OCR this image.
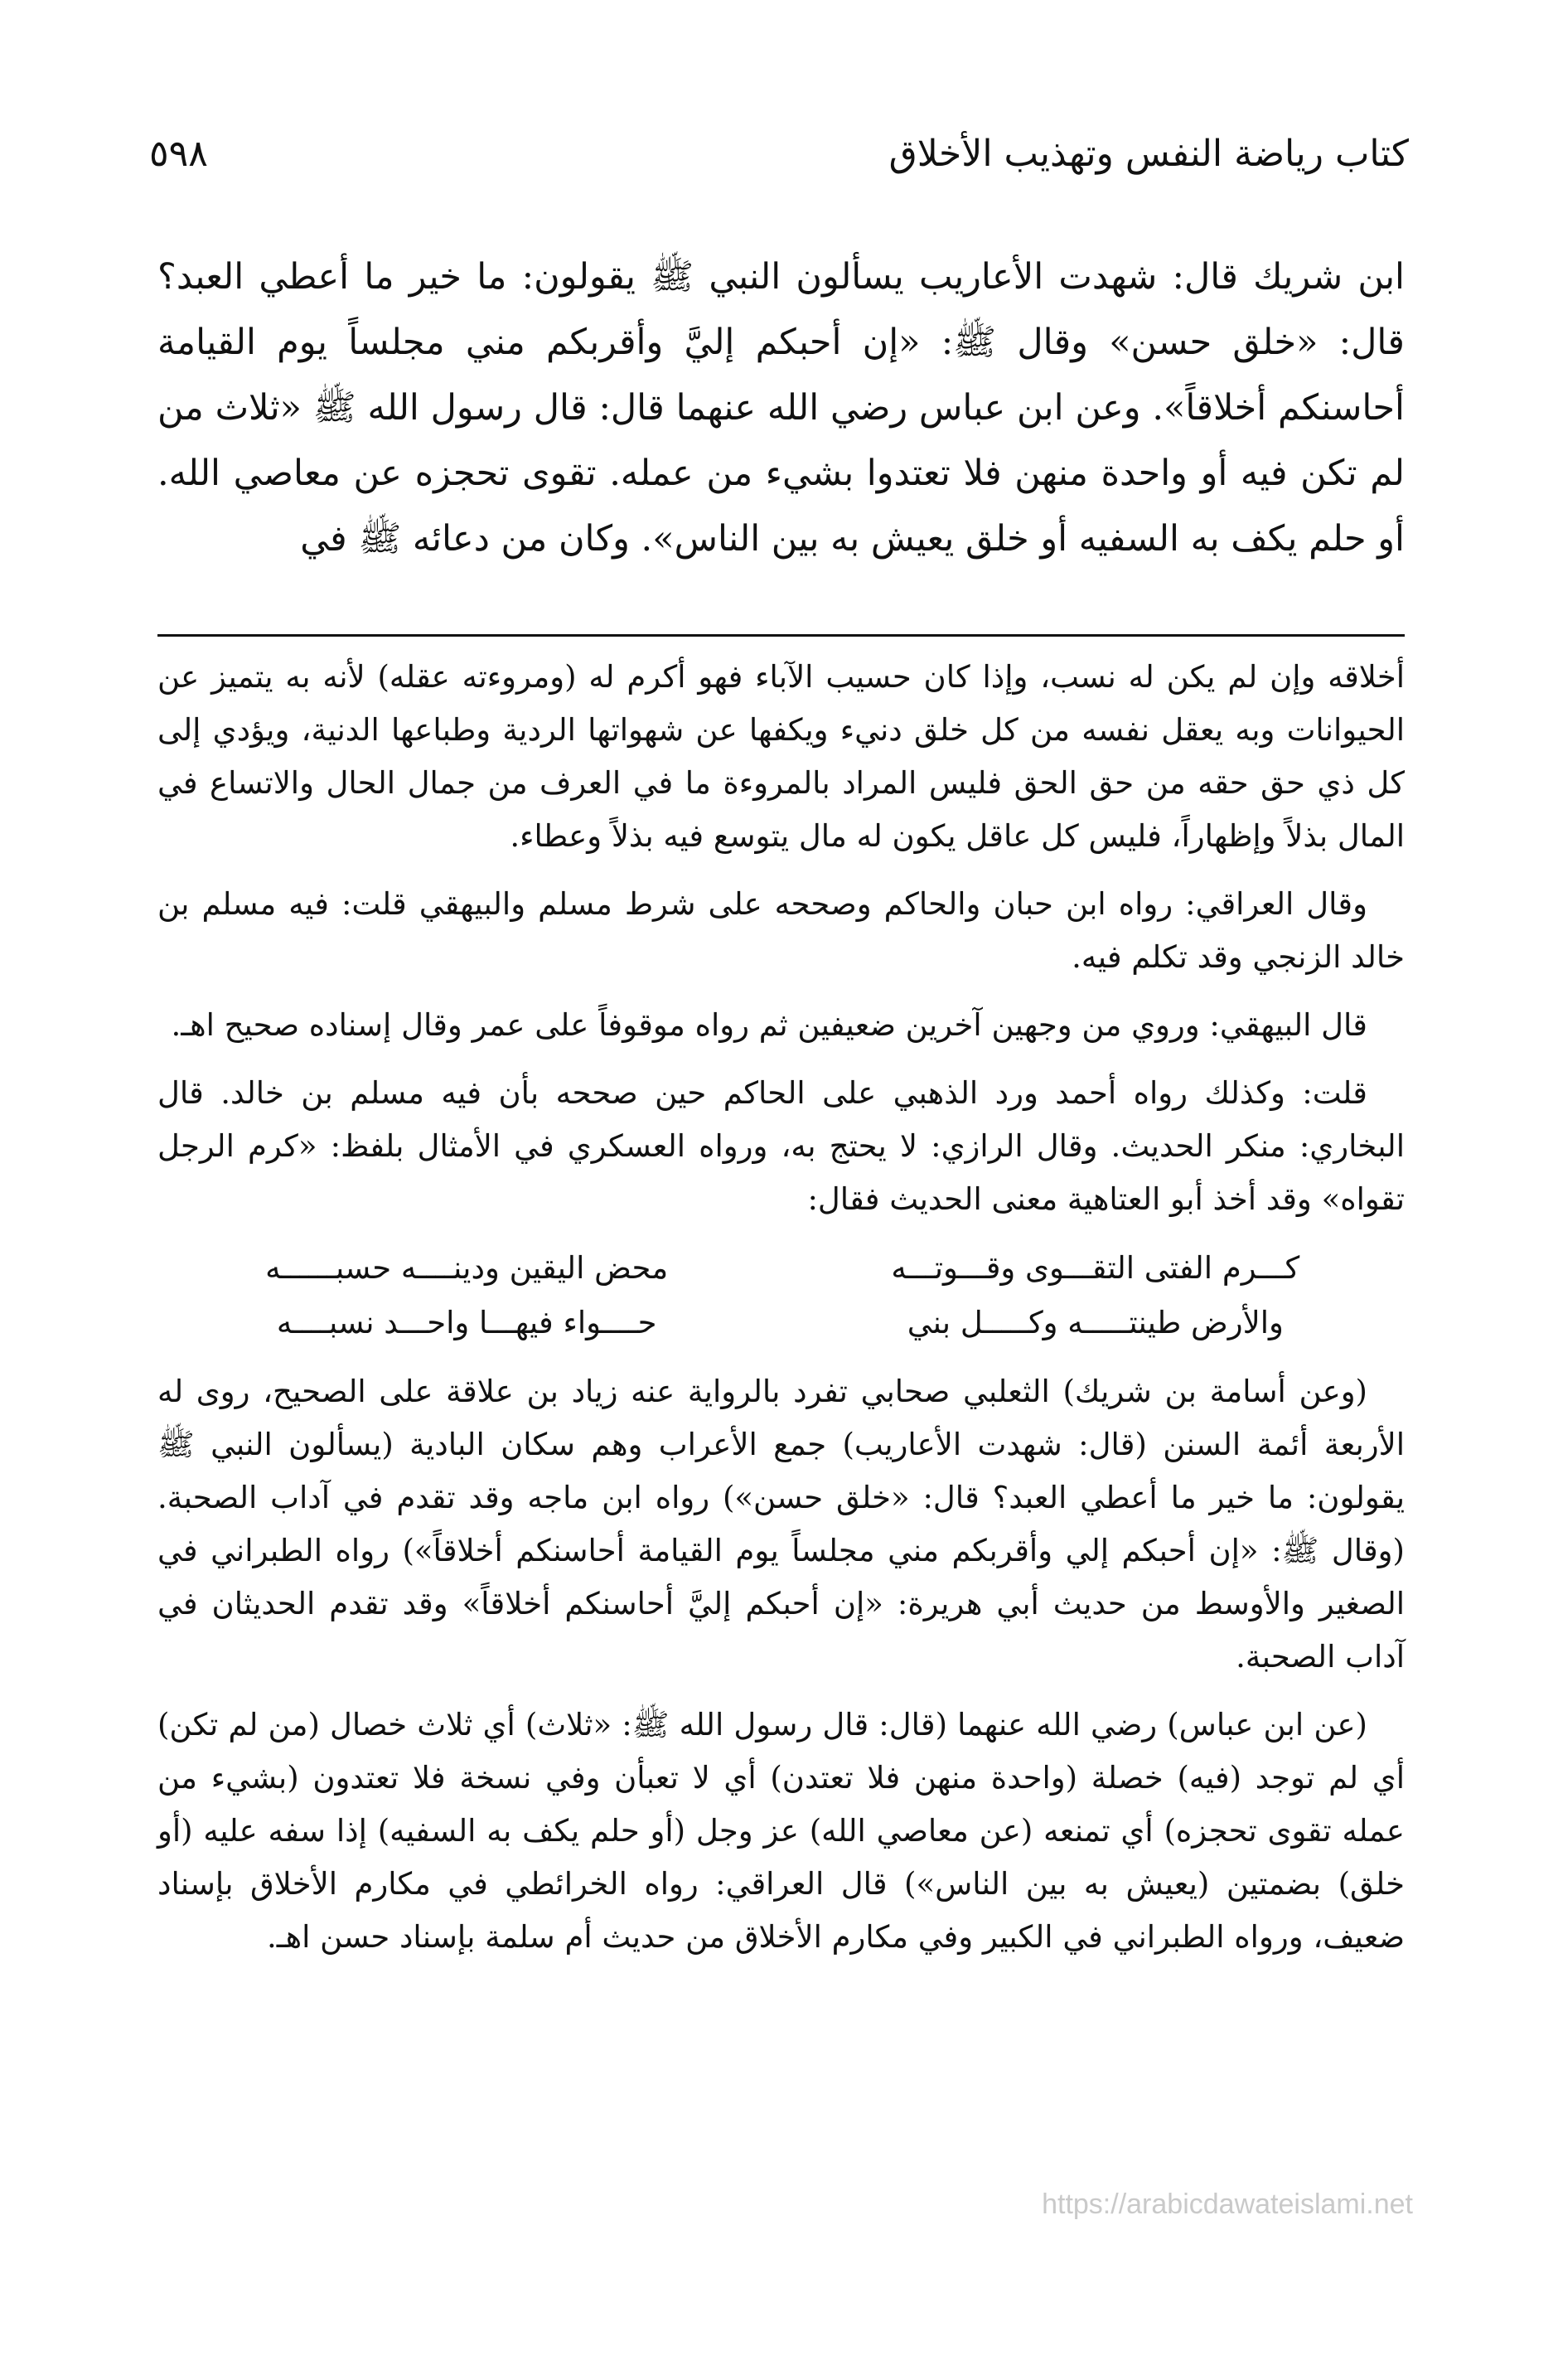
كتاب رياضة النفس وتهذيب الأخلاق
٥٩٨

ابن شريك قال: شهدت الأعاريب يسألون النبي ﷺ يقولون: ما خير ما أعطي العبد؟ قال: «خلق حسن» وقال ﷺ: «إن أحبكم إليَّ وأقربكم مني مجلساً يوم القيامة أحاسنكم أخلاقاً». وعن ابن عباس رضي الله عنهما قال: قال رسول الله ﷺ «ثلاث من لم تكن فيه أو واحدة منهن فلا تعتدوا بشيء من عمله. تقوى تحجزه عن معاصي الله. أو حلم يكف به السفيه أو خلق يعيش به بين الناس». وكان من دعائه ﷺ في

أخلاقه وإن لم يكن له نسب، وإذا كان حسيب الآباء فهو أكرم له (ومروءته عقله) لأنه به يتميز عن الحيوانات وبه يعقل نفسه من كل خلق دنيء ويكفها عن شهواتها الردية وطباعها الدنية، ويؤدي إلى كل ذي حق حقه من حق الحق فليس المراد بالمروءة ما في العرف من جمال الحال والاتساع في المال بذلاً وإظهاراً، فليس كل عاقل يكون له مال يتوسع فيه بذلاً وعطاء.

وقال العراقي: رواه ابن حبان والحاكم وصححه على شرط مسلم والبيهقي قلت: فيه مسلم بن خالد الزنجي وقد تكلم فيه.

قال البيهقي: وروي من وجهين آخرين ضعيفين ثم رواه موقوفاً على عمر وقال إسناده صحيح اهـ.

قلت: وكذلك رواه أحمد ورد الذهبي على الحاكم حين صححه بأن فيه مسلم بن خالد. قال البخاري: منكر الحديث. وقال الرازي: لا يحتج به، ورواه العسكري في الأمثال بلفظ: «كرم الرجل تقواه» وقد أخذ أبو العتاهية معنى الحديث فقال:

كـــرم الفتى التقـــوى وقـــوتـــه
محض اليقين ودينــــه حسبــــــه
والأرض طينتـــــه وكـــــل بني
حــــواء فيهـــا واحـــد نسبــــه

(وعن أسامة بن شريك) الثعلبي صحابي تفرد بالرواية عنه زياد بن علاقة على الصحيح، روى له الأربعة أئمة السنن (قال: شهدت الأعاريب) جمع الأعراب وهم سكان البادية (يسألون النبي ﷺ يقولون: ما خير ما أعطي العبد؟ قال: «خلق حسن») رواه ابن ماجه وقد تقدم في آداب الصحبة. (وقال ﷺ: «إن أحبكم إلي وأقربكم مني مجلساً يوم القيامة أحاسنكم أخلاقاً») رواه الطبراني في الصغير والأوسط من حديث أبي هريرة: «إن أحبكم إليَّ أحاسنكم أخلاقاً» وقد تقدم الحديثان في آداب الصحبة.

(عن ابن عباس) رضي الله عنهما (قال: قال رسول الله ﷺ: «ثلاث) أي ثلاث خصال (من لم تكن) أي لم توجد (فيه) خصلة (واحدة منهن فلا تعتدن) أي لا تعبأن وفي نسخة فلا تعتدون (بشيء من عمله تقوى تحجزه) أي تمنعه (عن معاصي الله) عز وجل (أو حلم يكف به السفيه) إذا سفه عليه (أو خلق) بضمتين (يعيش به بين الناس») قال العراقي: رواه الخرائطي في مكارم الأخلاق بإسناد ضعيف، ورواه الطبراني في الكبير وفي مكارم الأخلاق من حديث أم سلمة بإسناد حسن اهـ.

https://arabicdawateislami.net
